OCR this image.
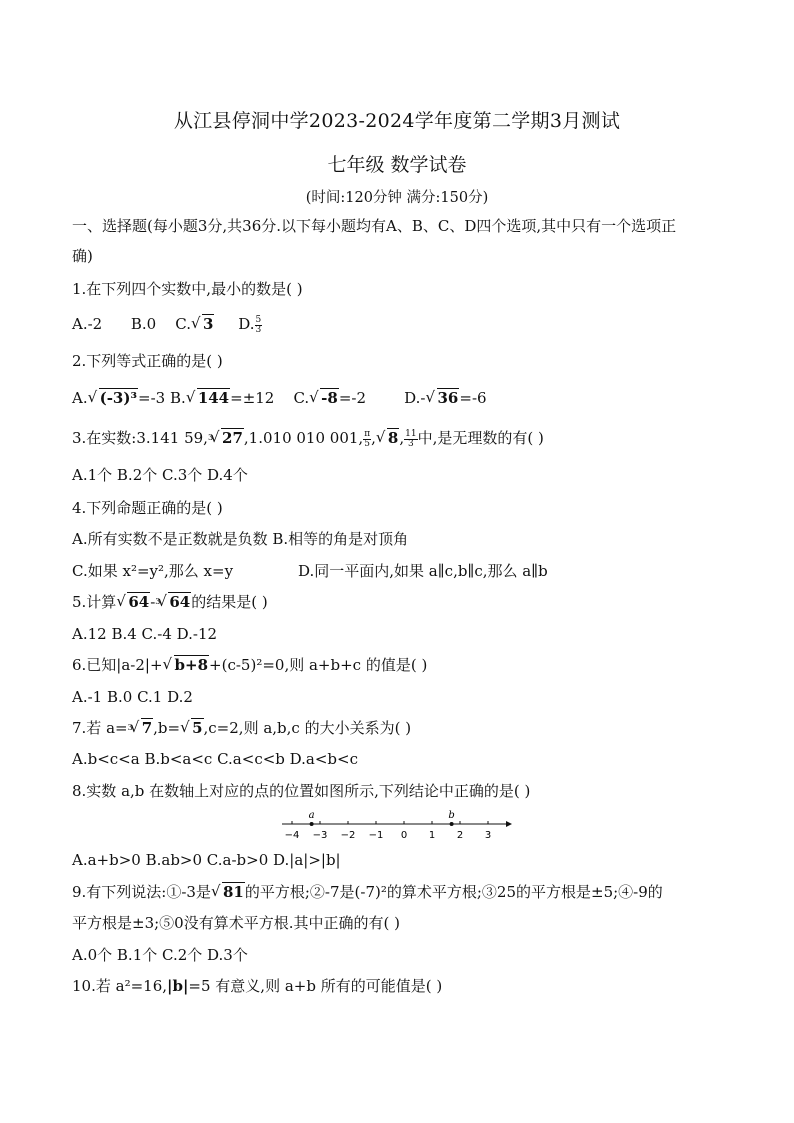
从江县停洞中学2023-2024学年度第二学期3月测试
七年级 数学试卷
(时间:120分钟 满分:150分)
一、选择题(每小题3分,共36分.以下每小题均有A、B、C、D四个选项,其中只有一个选项正
确)
1.在下列四个实数中,最小的数是( )
A.-2 B.0 C. √ 3 D. $\frac{5}{3}$
2.下列等式正确的是( )
A. √ (-3)³=-3 B. √ 144=±12 C. √ -8=-2	D.- √ 36=-6
3.在实数:3.141 59,$^3$ √ 27,1.010 010 001, $\frac{\pi}{5}$ , √ 8, $\frac{11}{3}$ 中,是无理数的有( )
A.1个 B.2个 C.3个 D.4个
4.下列命题正确的是( )
A.所有实数不是正数就是负数 B.相等的角是对顶角
C.如果 x²=y²,那么 x=y	D.同一平面内,如果 a∥c,b∥c,那么 a∥b
5.计算 √ 64-$^3$ √ 64的结果是( )
A.12 B.4 C.-4 D.-12
6.已知|a-2|+ √ b+8+(c-5)²=0,则 a+b+c 的值是( )
A.-1 B.0 C.1 D.2
7.若 a=$^3$ √ 7,b= √ 5,c=2,则 a,b,c 的大小关系为( )
A.b<c<a B.b<a<c C.a<c<b D.a<b<c
8.实数 a,b 在数轴上对应的点的位置如图所示,下列结论中正确的是( )
−4 −3 −2 −1 0 1 2 3
a	b
A.a+b>0 B.ab>0 C.a-b>0 D.|a|>|b|
9.有下列说法:①-3是 √ 81的平方根;②-7是(-7)²的算术平方根;③25的平方根是±5;④-9的
平方根是±3;⑤0没有算术平方根.其中正确的有( )
A.0个 B.1个 C.2个 D.3个
10.若 a²=16,|b|=5 有意义,则 a+b 所有的可能值是( )
